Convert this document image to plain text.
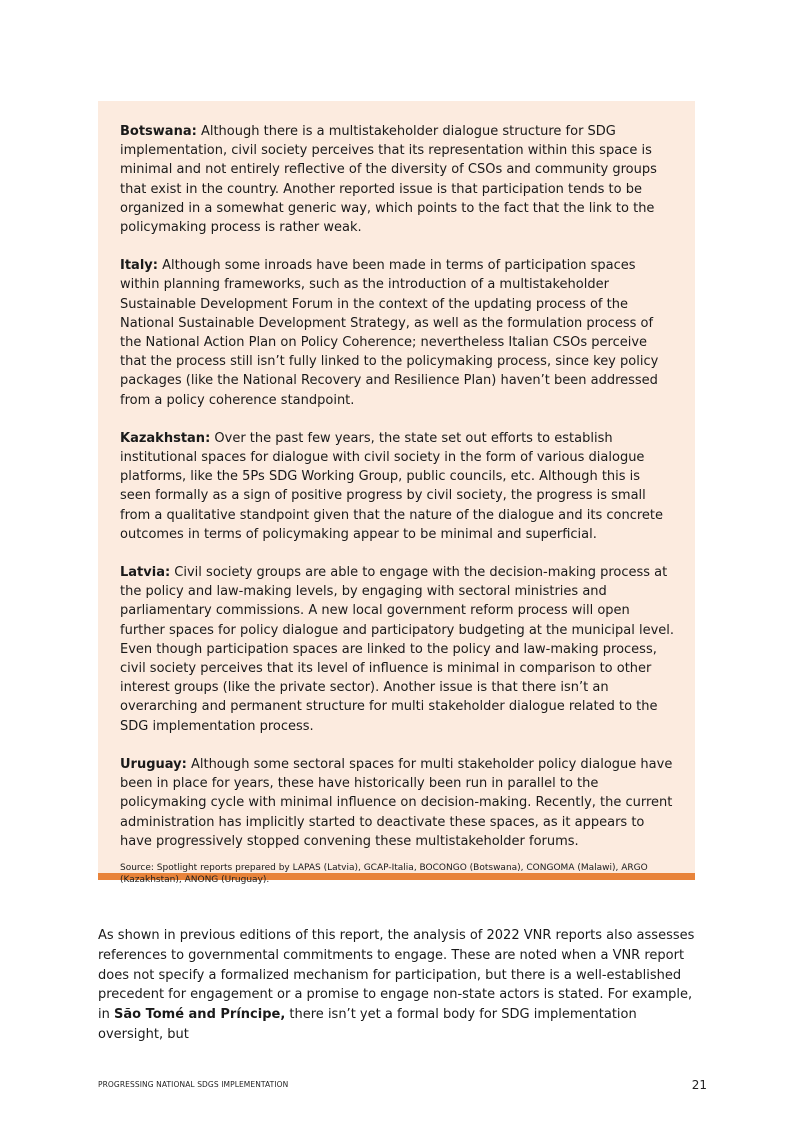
Botswana: Although there is a multistakeholder dialogue structure for SDG implementation, civil society perceives that its representation within this space is minimal and not entirely reflective of the diversity of CSOs and community groups that exist in the country. Another reported issue is that participation tends to be organized in a somewhat generic way, which points to the fact that the link to the policymaking process is rather weak.

Italy: Although some inroads have been made in terms of participation spaces within planning frameworks, such as the introduction of a multistakeholder Sustainable Development Forum in the context of the updating process of the National Sustainable Development Strategy, as well as the formulation process of the National Action Plan on Policy Coherence; nevertheless Italian CSOs perceive that the process still isn’t fully linked to the policymaking process, since key policy packages (like the National Recovery and Resilience Plan) haven’t been addressed from a policy coherence standpoint.

Kazakhstan: Over the past few years, the state set out efforts to establish institutional spaces for dialogue with civil society in the form of various dialogue platforms, like the 5Ps SDG Working Group, public councils, etc. Although this is seen formally as a sign of positive progress by civil society, the progress is small from a qualitative standpoint given that the nature of the dialogue and its concrete outcomes in terms of policymaking appear to be minimal and superficial.

Latvia: Civil society groups are able to engage with the decision-making process at the policy and law-making levels, by engaging with sectoral ministries and parliamentary commissions. A new local government reform process will open further spaces for policy dialogue and participatory budgeting at the municipal level. Even though participation spaces are linked to the policy and law-making process, civil society perceives that its level of influence is minimal in comparison to other interest groups (like the private sector). Another issue is that there isn’t an overarching and permanent structure for multi stakeholder dialogue related to the SDG implementation process.

Uruguay: Although some sectoral spaces for multi stakeholder policy dialogue have been in place for years, these have historically been run in parallel to the policymaking cycle with minimal influence on decision-making. Recently, the current administration has implicitly started to deactivate these spaces, as it appears to have progressively stopped convening these multistakeholder forums.

Source: Spotlight reports prepared by LAPAS (Latvia), GCAP-Italia, BOCONGO (Botswana), CONGOMA (Malawi), ARGO (Kazakhstan), ANONG (Uruguay).

As shown in previous editions of this report, the analysis of 2022 VNR reports also assesses references to governmental commitments to engage. These are noted when a VNR report does not specify a formalized mechanism for participation, but there is a well-established precedent for engagement or a promise to engage non-state actors is stated. For example, in São Tomé and Príncipe, there isn’t yet a formal body for SDG implementation oversight, but

PROGRESSING NATIONAL SDGS IMPLEMENTATION	21
